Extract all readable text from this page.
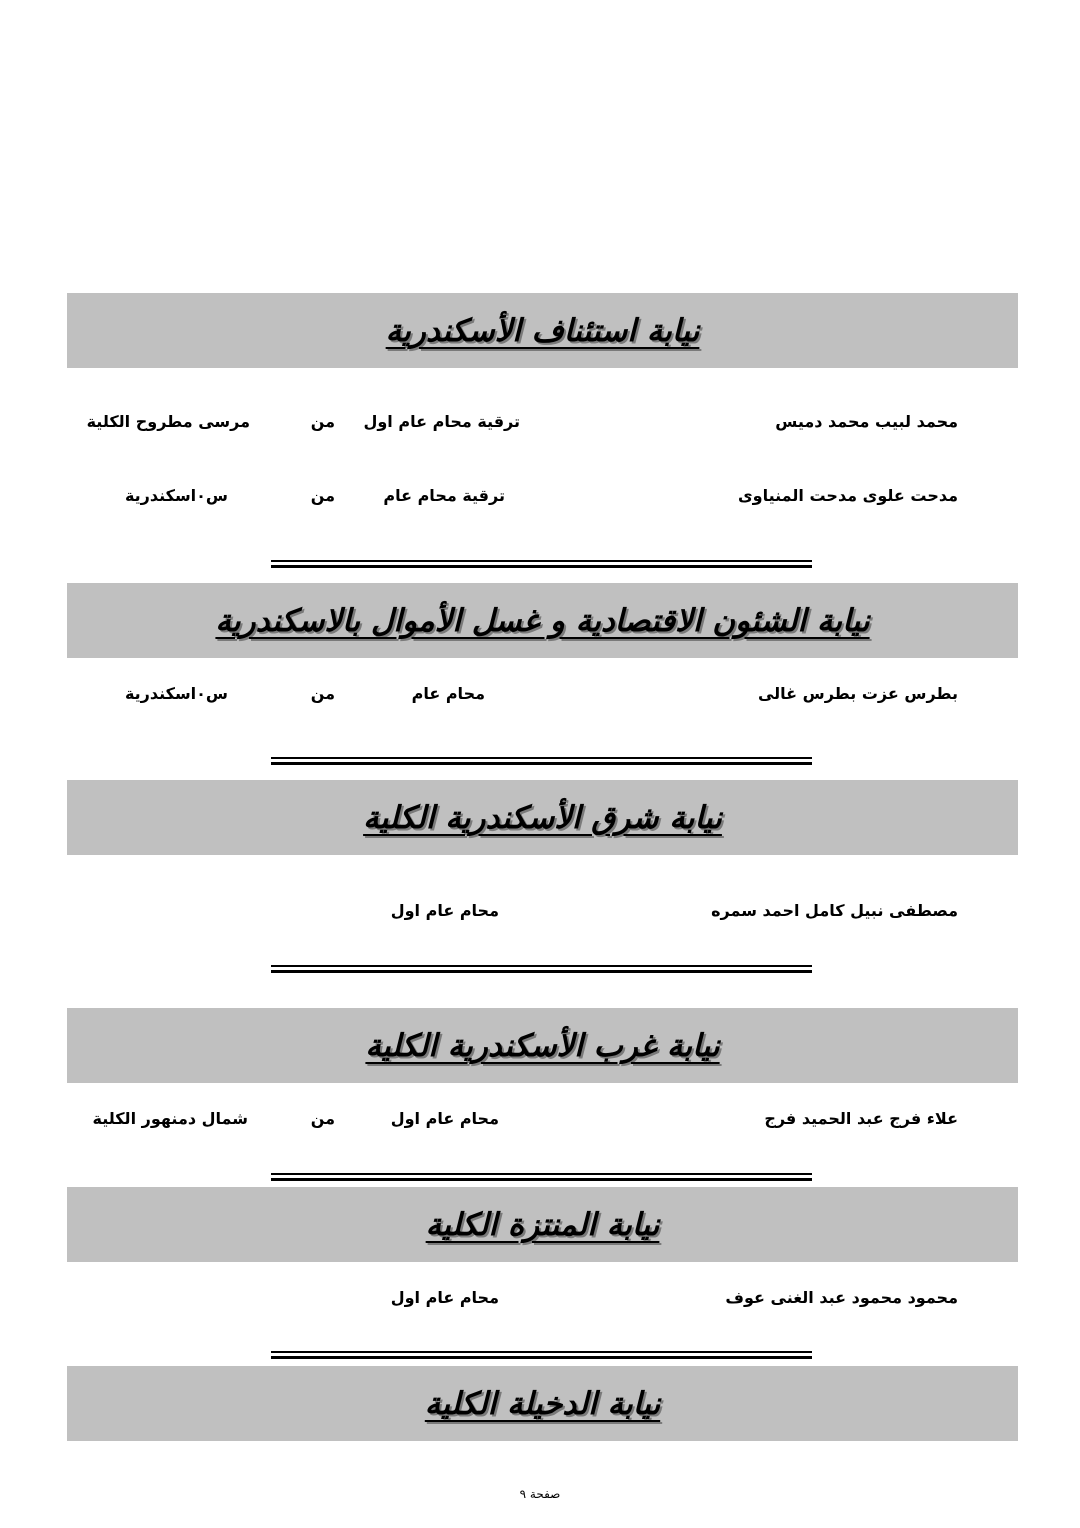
نيابة استئناف الأسكندرية
محمد لبيب محمد دميس
ترقية محام عام اول
من
مرسى مطروح الكلية
مدحت علوى مدحت المنياوى
ترقية محام عام
من
س٠اسكندرية
نيابة الشئون الاقتصادية و غسل الأموال بالاسكندرية
بطرس عزت بطرس غالى
محام عام
من
س٠اسكندرية
نيابة شرق الأسكندرية الكلية
مصطفى نبيل كامل احمد سمره
محام عام اول
نيابة غرب الأسكندرية الكلية
علاء فرج عبد الحميد فرج
محام عام اول
من
شمال دمنهور الكلية
نيابة المنتزة الكلية
محمود محمود عبد الغنى عوف
محام عام اول
نيابة الدخيلة الكلية
صفحة ٩
